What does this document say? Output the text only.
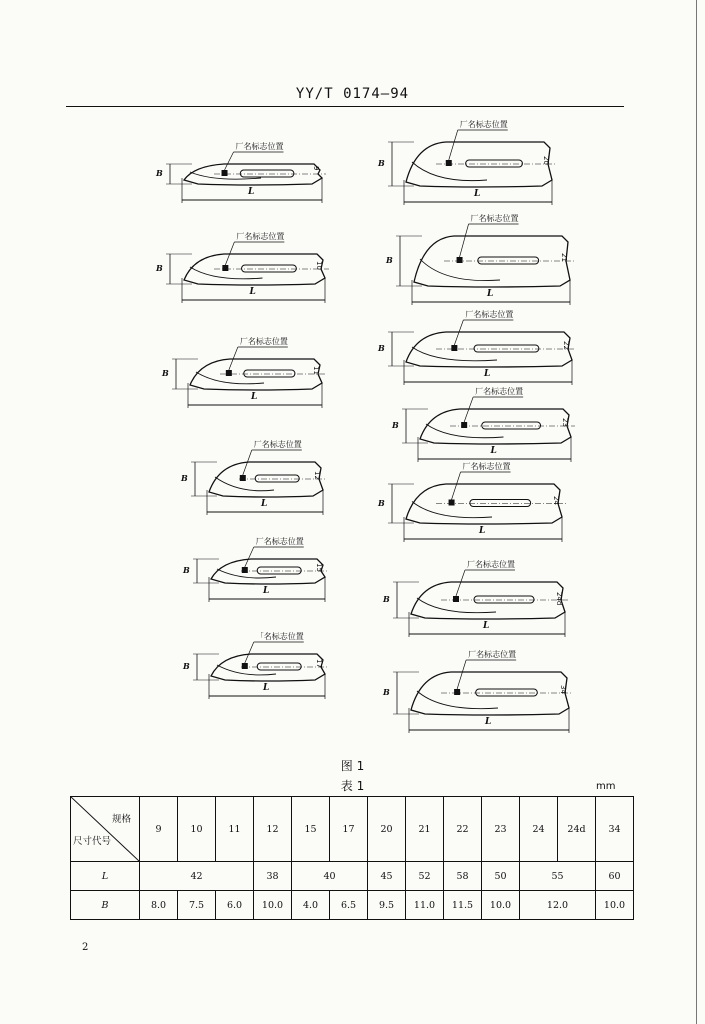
YY/T 0174—94
厂名标志位置
B
L
9
厂名标志位置
B
L
10
厂名标志位置
B
L
11
厂名标志位置
B
L
12
厂名标志位置
B
L
15
「名标志位置
B
L
17
厂名标志位置
B
L
20
厂名标志位置
B
L
21
厂名标志位置
B
L
22
厂名标志位置
B
L
23
厂名标志位置
B
L
24
厂名标志位置
B
L
24d
厂名标志位置
B
L
34
图 1
表 1	mm
规格
尺寸代号	9	10	11	12	15	17	20	21	22	23	24	24d	34
L	42			38	40		45	52	58	50	55		60
B	8.0	7.5	6.0	10.0	4.0	6.5	9.5	11.0	11.5	10.0	12.0		10.0
2
